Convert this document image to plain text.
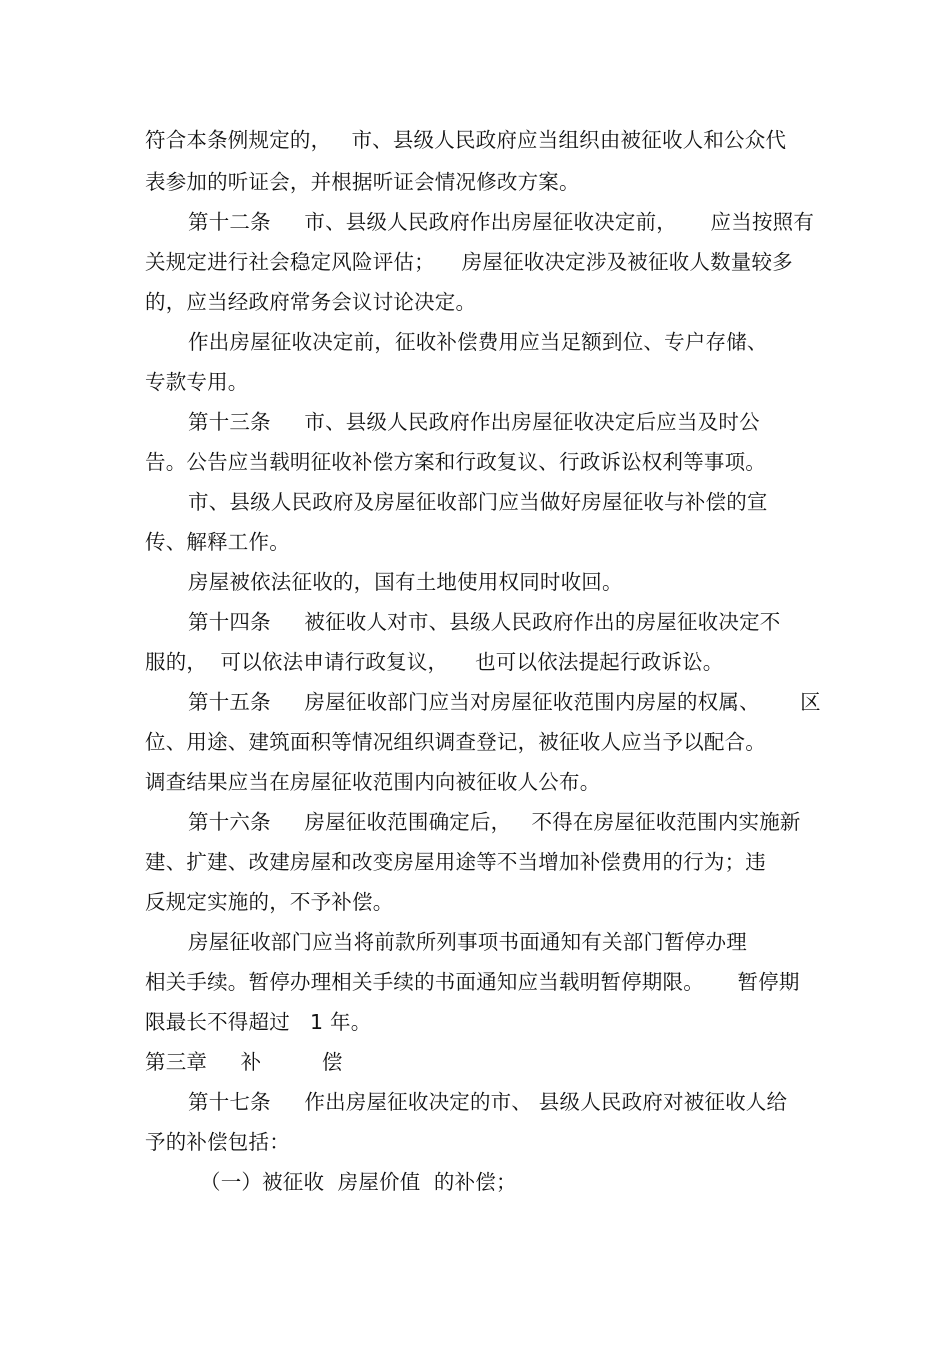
符合本条例规定的，   市、县级人民政府应当组织由被征收人和公众代
表参加的听证会，并根据听证会情况修改方案。
第十二条     市、县级人民政府作出房屋征收决定前，     应当按照有
关规定进行社会稳定风险评估；    房屋征收决定涉及被征收人数量较多
的，应当经政府常务会议讨论决定。
作出房屋征收决定前，征收补偿费用应当足额到位、专户存储、
专款专用。
第十三条     市、县级人民政府作出房屋征收决定后应当及时公
告。公告应当载明征收补偿方案和行政复议、行政诉讼权利等事项。
市、县级人民政府及房屋征收部门应当做好房屋征收与补偿的宣
传、解释工作。
房屋被依法征收的，国有土地使用权同时收回。
第十四条     被征收人对市、县级人民政府作出的房屋征收决定不
服的，  可以依法申请行政复议，    也可以依法提起行政诉讼。
第十五条     房屋征收部门应当对房屋征收范围内房屋的权属、      区
位、用途、建筑面积等情况组织调查登记，被征收人应当予以配合。
调查结果应当在房屋征收范围内向被征收人公布。
第十六条     房屋征收范围确定后，   不得在房屋征收范围内实施新
建、扩建、改建房屋和改变房屋用途等不当增加补偿费用的行为；违
反规定实施的，不予补偿。
房屋征收部门应当将前款所列事项书面通知有关部门暂停办理
相关手续。暂停办理相关手续的书面通知应当载明暂停期限。     暂停期
限最长不得超过   1 年。
第三章     补         偿
第十七条     作出房屋征收决定的市、 县级人民政府对被征收人给
予的补偿包括：
（一）被征收  房屋价值  的补偿；
